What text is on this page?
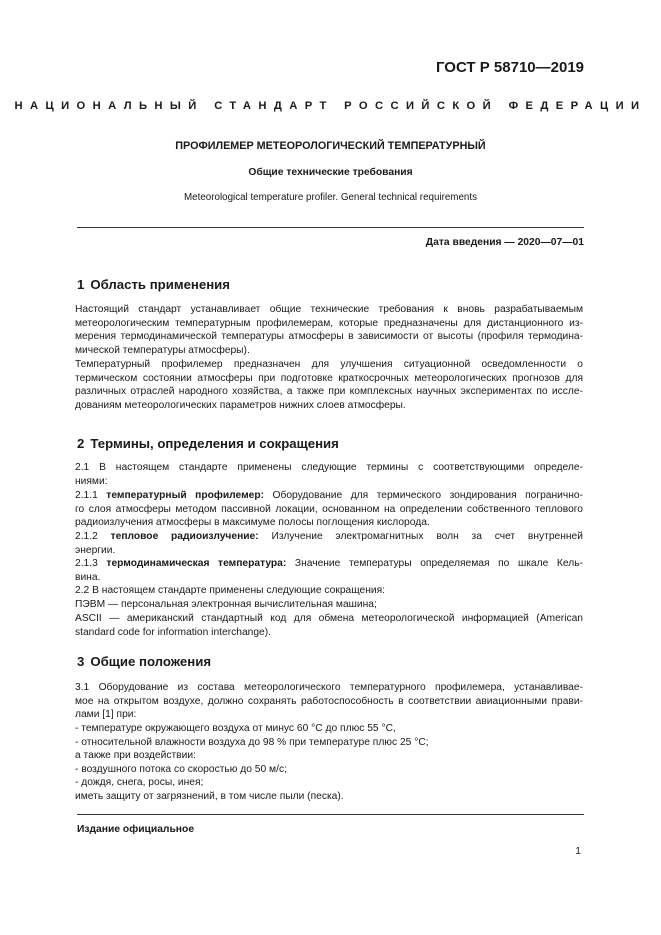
ГОСТ Р 58710—2019
НАЦИОНАЛЬНЫЙ СТАНДАРТ РОССИЙСКОЙ ФЕДЕРАЦИИ
ПРОФИЛЕМЕР МЕТЕОРОЛОГИЧЕСКИЙ ТЕМПЕРАТУРНЫЙ
Общие технические требования
Meteorological temperature profiler. General technical requirements
Дата введения — 2020—07—01
1 Область применения
Настоящий стандарт устанавливает общие технические требования к вновь разрабатываемым
метеорологическим температурным профилемерам, которые предназначены для дистанционного из-
мерения термодинамической температуры атмосферы в зависимости от высоты (профиля термодина-
мической температуры атмосферы).
Температурный профилемер предназначен для улучшения ситуационной осведомленности о
термическом состоянии атмосферы при подготовке краткосрочных метеорологических прогнозов для
различных отраслей народного хозяйства, а также при комплексных научных экспериментах по иссле-
дованиям метеорологических параметров нижних слоев атмосферы.
2 Термины, определения и сокращения
2.1 В настоящем стандарте применены следующие термины с соответствующими определе-
ниями:
2.1.1 температурный профилемер: Оборудование для термического зондирования погранично-
го слоя атмосферы методом пассивной локации, основанном на определении собственного теплового
радиоизлучения атмосферы в максимуме полосы поглощения кислорода.
2.1.2 тепловое радиоизлучение: Излучение электромагнитных волн за счет внутренней
энергии.
2.1.3 термодинамическая температура: Значение температуры определяемая по шкале Кель-
вина.
2.2 В настоящем стандарте применены следующие сокращения:
ПЭВМ — персональная электронная вычислительная машина;
ASCII — американский стандартный код для обмена метеорологической информацией (American
standard code for information interchange).
3 Общие положения
3.1 Оборудование из состава метеорологического температурного профилемера, устанавливае-
мое на открытом воздухе, должно сохранять работоспособность в соответствии авиационными прави-
лами [1] при:
- температуре окружающего воздуха от минус 60 °С до плюс 55 °С,
- относительной влажности воздуха до 98 % при температуре плюс 25 °С;
а также при воздействии:
- воздушного потока со скоростью до 50 м/с;
- дождя, снега, росы, инея;
иметь защиту от загрязнений, в том числе пыли (песка).
Издание официальное
1
